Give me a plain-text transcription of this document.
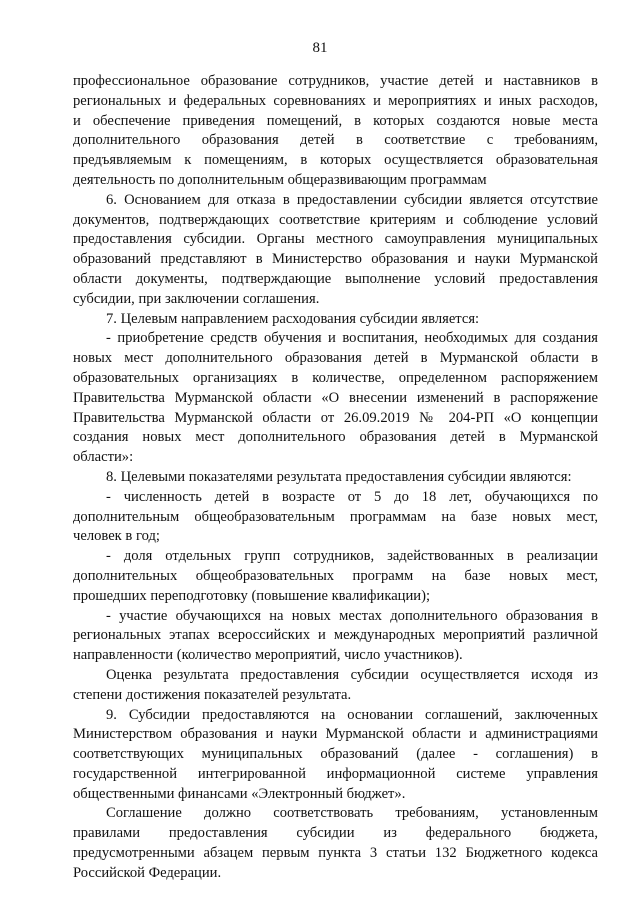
81
профессиональное образование сотрудников, участие детей и наставников в
региональных и федеральных соревнованиях и мероприятиях и иных расходов,
и обеспечение приведения помещений, в которых создаются новые места
дополнительного образования детей в соответствие с требованиям,
предъявляемым к помещениям, в которых осуществляется образовательная
деятельность по дополнительным общеразвивающим программам
6. Основанием для отказа в предоставлении субсидии является отсутствие
документов, подтверждающих соответствие критериям и соблюдение условий
предоставления субсидии. Органы местного самоуправления муниципальных
образований представляют в Министерство образования и науки Мурманской
области документы, подтверждающие выполнение условий предоставления
субсидии, при заключении соглашения.
7. Целевым направлением расходования субсидии является:
- приобретение средств обучения и воспитания, необходимых для создания
новых мест дополнительного образования детей в Мурманской области в
образовательных организациях в количестве, определенном распоряжением
Правительства Мурманской области «О внесении изменений в распоряжение
Правительства Мурманской области от 26.09.2019 № 204-РП «О концепции
создания новых мест дополнительного образования детей в Мурманской
области»:
8. Целевыми показателями результата предоставления субсидии являются:
- численность детей в возрасте от 5 до 18 лет, обучающихся по
дополнительным общеобразовательным программам на базе новых мест,
человек в год;
- доля отдельных групп сотрудников, задействованных в реализации
дополнительных общеобразовательных программ на базе новых мест,
прошедших переподготовку (повышение квалификации);
- участие обучающихся на новых местах дополнительного образования в
региональных этапах всероссийских и международных мероприятий различной
направленности (количество мероприятий, число участников).
Оценка результата предоставления субсидии осуществляется исходя из
степени достижения показателей результата.
9. Субсидии предоставляются на основании соглашений, заключенных
Министерством образования и науки Мурманской области и администрациями
соответствующих муниципальных образований (далее - соглашения) в
государственной интегрированной информационной системе управления
общественными финансами «Электронный бюджет».
Соглашение должно соответствовать требованиям, установленным
правилами предоставления субсидии из федерального бюджета,
предусмотренными абзацем первым пункта 3 статьи 132 Бюджетного кодекса
Российской Федерации.
